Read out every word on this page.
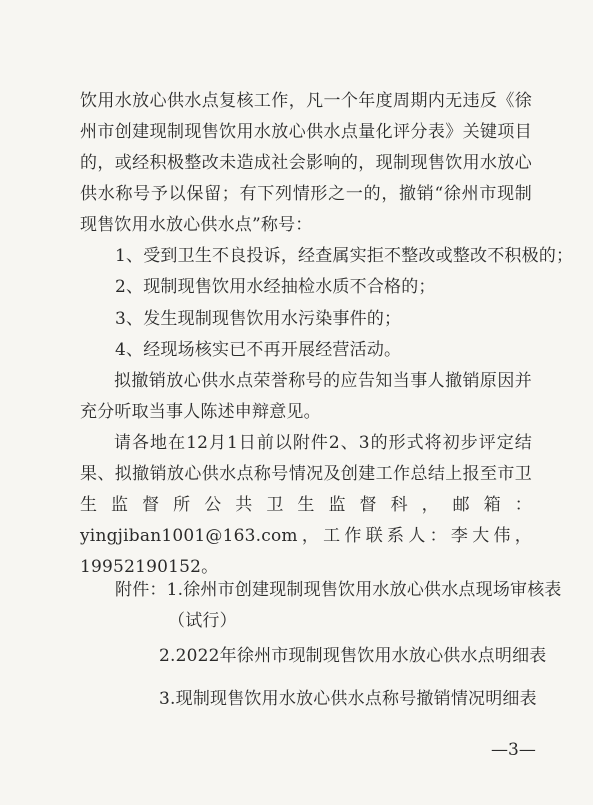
饮用水放心供水点复核工作，凡一个年度周期内无违反《徐州市创建现制现售饮用水放心供水点量化评分表》关键项目的，或经积极整改未造成社会影响的，现制现售饮用水放心供水称号予以保留；有下列情形之一的，撤销“徐州市现制现售饮用水放心供水点”称号：

1、受到卫生不良投诉，经查属实拒不整改或整改不积极的；
2、现制现售饮用水经抽检水质不合格的；
3、发生现制现售饮用水污染事件的；
4、经现场核实已不再开展经营活动。

拟撤销放心供水点荣誉称号的应告知当事人撤销原因并充分听取当事人陈述申辩意见。

请各地在12月1日前以附件2、3的形式将初步评定结果、拟撤销放心供水点称号情况及创建工作总结上报至市卫生监督所公共卫生监督科，邮箱：yingjiban1001@163.com，工作联系人：李大伟，19952190152。

附件：1.徐州市创建现制现售饮用水放心供水点现场审核表
（试行）
2.2022年徐州市现制现售饮用水放心供水点明细表
3.现制现售饮用水放心供水点称号撤销情况明细表
—3—
